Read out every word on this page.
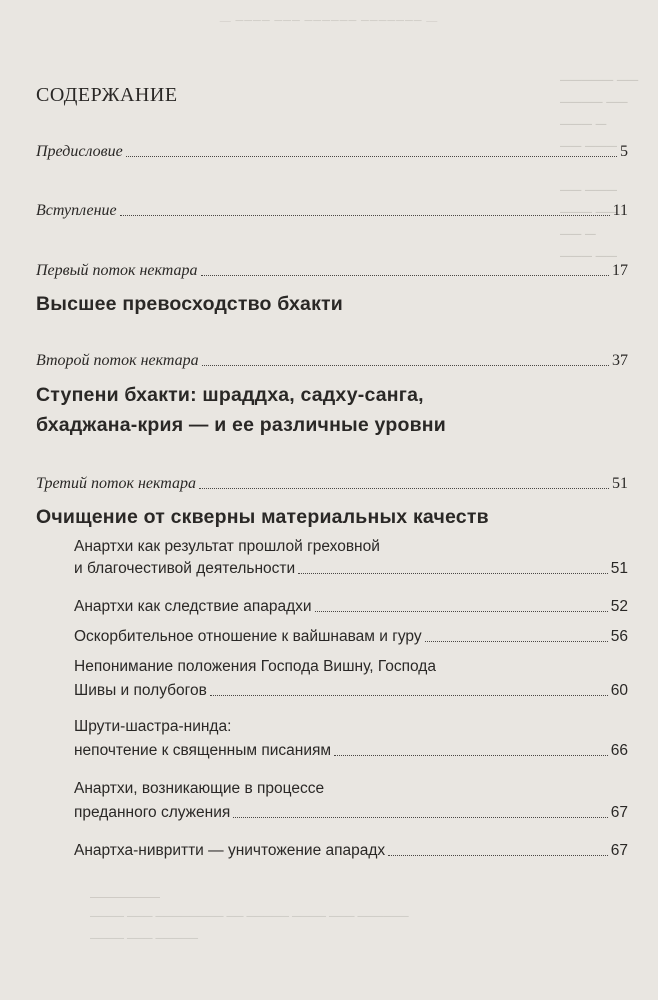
— ──── ─── ────── ─────── —
───── ──
──── ──
─── ─
── ───

── ───
─── ──
── ─
─── ──
──── ─── ──────── ── ───── ──── ─── ──────
──── ─── ─────
СОДЕРЖАНИЕ
Предисловие	5
Вступление	11
Первый поток нектара	17
Высшее превосходство бхакти
Второй поток нектара	37
Ступени бхакти: шраддха, садху-санга,
бхаджана-крия — и ее различные уровни
Третий поток нектара	51
Очищение от скверны материальных качеств
Анартхи как результат прошлой греховной
и благочестивой деятельности	51
Анартхи как следствие апарадхи	52
Оскорбительное отношение к вайшнавам и гуру	56
Непонимание положения Господа Вишну, Господа
Шивы и полубогов	60
Шрути-шастра-нинда:
непочтение к священным писаниям	66
Анартхи, возникающие в процессе
преданного служения	67
Анартха-нивритти — уничтожение апарадх	67
